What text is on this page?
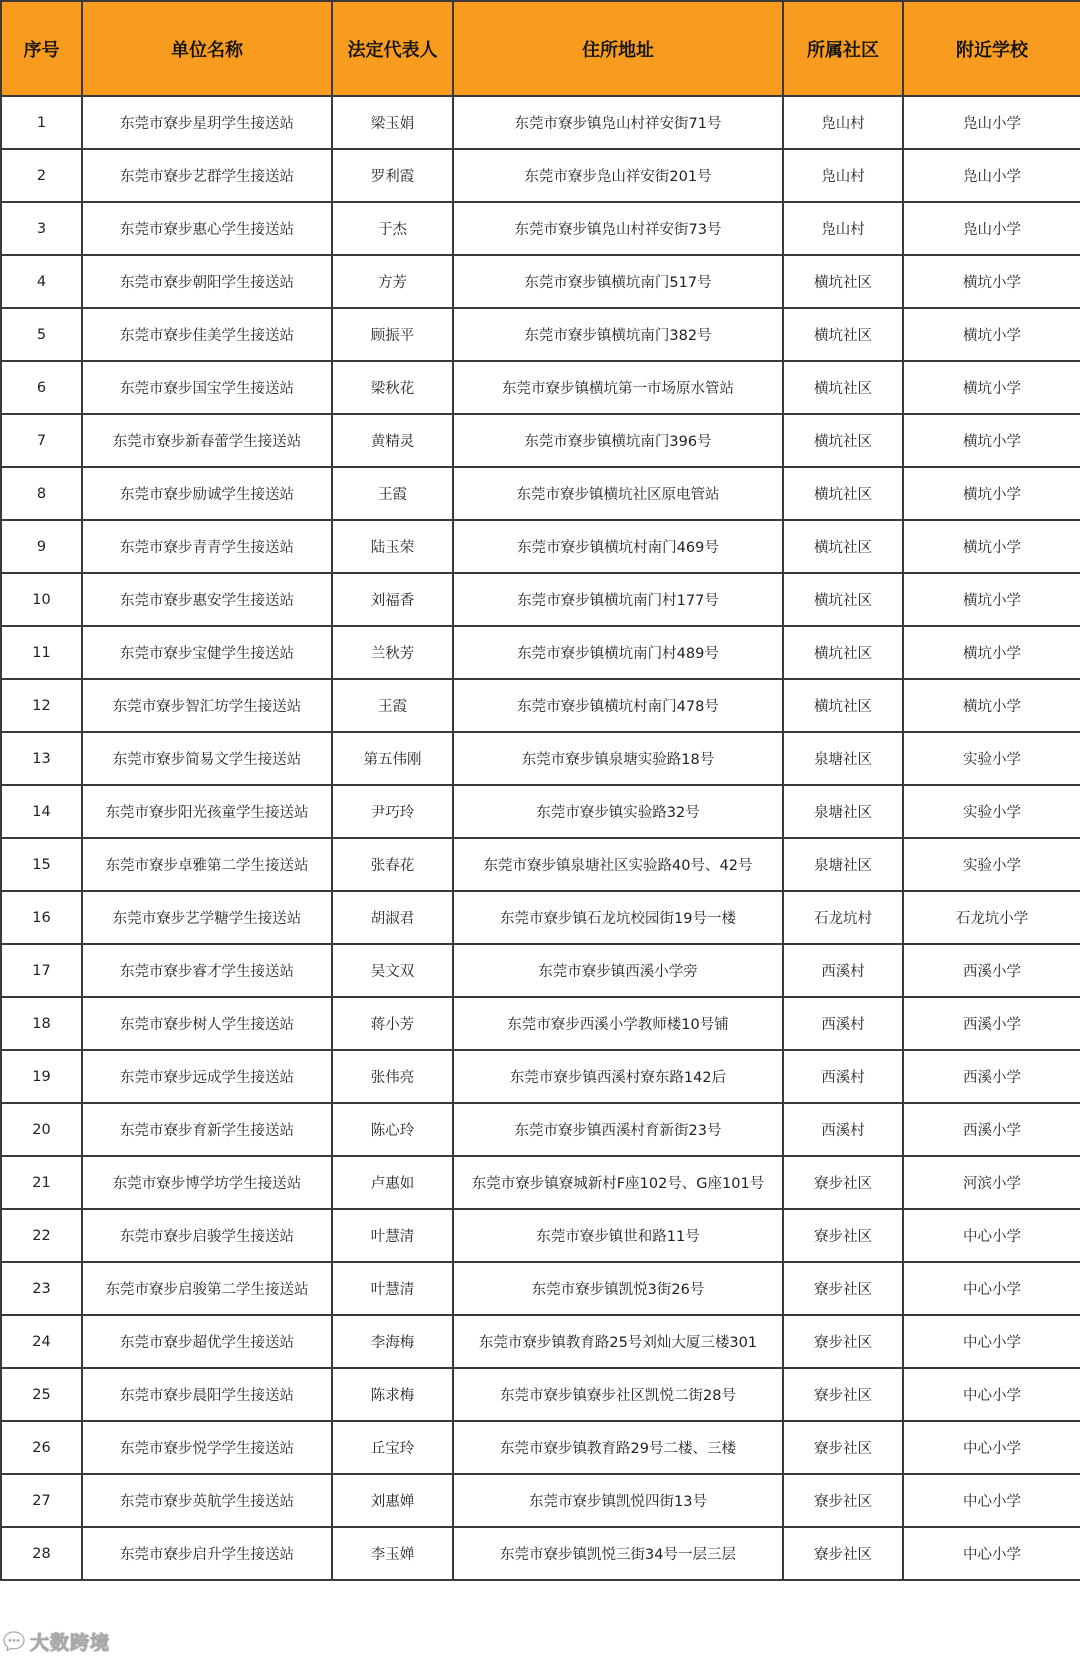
序号	单位名称	法定代表人	住所地址	所属社区	附近学校
1	东莞市寮步星玥学生接送站	梁玉娟	东莞市寮步镇凫山村祥安街71号	凫山村	凫山小学
2	东莞市寮步艺群学生接送站	罗利霞	东莞市寮步凫山祥安街201号	凫山村	凫山小学
3	东莞市寮步惠心学生接送站	于杰	东莞市寮步镇凫山村祥安街73号	凫山村	凫山小学
4	东莞市寮步朝阳学生接送站	方芳	东莞市寮步镇横坑南门517号	横坑社区	横坑小学
5	东莞市寮步佳美学生接送站	顾振平	东莞市寮步镇横坑南门382号	横坑社区	横坑小学
6	东莞市寮步国宝学生接送站	梁秋花	东莞市寮步镇横坑第一市场原水管站	横坑社区	横坑小学
7	东莞市寮步新春蕾学生接送站	黄精灵	东莞市寮步镇横坑南门396号	横坑社区	横坑小学
8	东莞市寮步励诚学生接送站	王霞	东莞市寮步镇横坑社区原电管站	横坑社区	横坑小学
9	东莞市寮步青青学生接送站	陆玉荣	东莞市寮步镇横坑村南门469号	横坑社区	横坑小学
10	东莞市寮步惠安学生接送站	刘福香	东莞市寮步镇横坑南门村177号	横坑社区	横坑小学
11	东莞市寮步宝健学生接送站	兰秋芳	东莞市寮步镇横坑南门村489号	横坑社区	横坑小学
12	东莞市寮步智汇坊学生接送站	王霞	东莞市寮步镇横坑村南门478号	横坑社区	横坑小学
13	东莞市寮步简易文学生接送站	第五伟刚	东莞市寮步镇泉塘实验路18号	泉塘社区	实验小学
14	东莞市寮步阳光孩童学生接送站	尹巧玲	东莞市寮步镇实验路32号	泉塘社区	实验小学
15	东莞市寮步卓雅第二学生接送站	张春花	东莞市寮步镇泉塘社区实验路40号、42号	泉塘社区	实验小学
16	东莞市寮步艺学糖学生接送站	胡淑君	东莞市寮步镇石龙坑校园街19号一楼	石龙坑村	石龙坑小学
17	东莞市寮步睿才学生接送站	吴文双	东莞市寮步镇西溪小学旁	西溪村	西溪小学
18	东莞市寮步树人学生接送站	蒋小芳	东莞市寮步西溪小学教师楼10号铺	西溪村	西溪小学
19	东莞市寮步远成学生接送站	张伟亮	东莞市寮步镇西溪村寮东路142后	西溪村	西溪小学
20	东莞市寮步育新学生接送站	陈心玲	东莞市寮步镇西溪村育新街23号	西溪村	西溪小学
21	东莞市寮步博学坊学生接送站	卢惠如	东莞市寮步镇寮城新村F座102号、G座101号	寮步社区	河滨小学
22	东莞市寮步启骏学生接送站	叶慧清	东莞市寮步镇世和路11号	寮步社区	中心小学
23	东莞市寮步启骏第二学生接送站	叶慧清	东莞市寮步镇凯悦3街26号	寮步社区	中心小学
24	东莞市寮步超优学生接送站	李海梅	东莞市寮步镇教育路25号刘灿大厦三楼301	寮步社区	中心小学
25	东莞市寮步晨阳学生接送站	陈求梅	东莞市寮步镇寮步社区凯悦二街28号	寮步社区	中心小学
26	东莞市寮步悦学学生接送站	丘宝玲	东莞市寮步镇教育路29号二楼、三楼	寮步社区	中心小学
27	东莞市寮步英航学生接送站	刘惠婵	东莞市寮步镇凯悦四街13号	寮步社区	中心小学
28	东莞市寮步启升学生接送站	李玉婵	东莞市寮步镇凯悦三街34号一层三层	寮步社区	中心小学
大数跨境
